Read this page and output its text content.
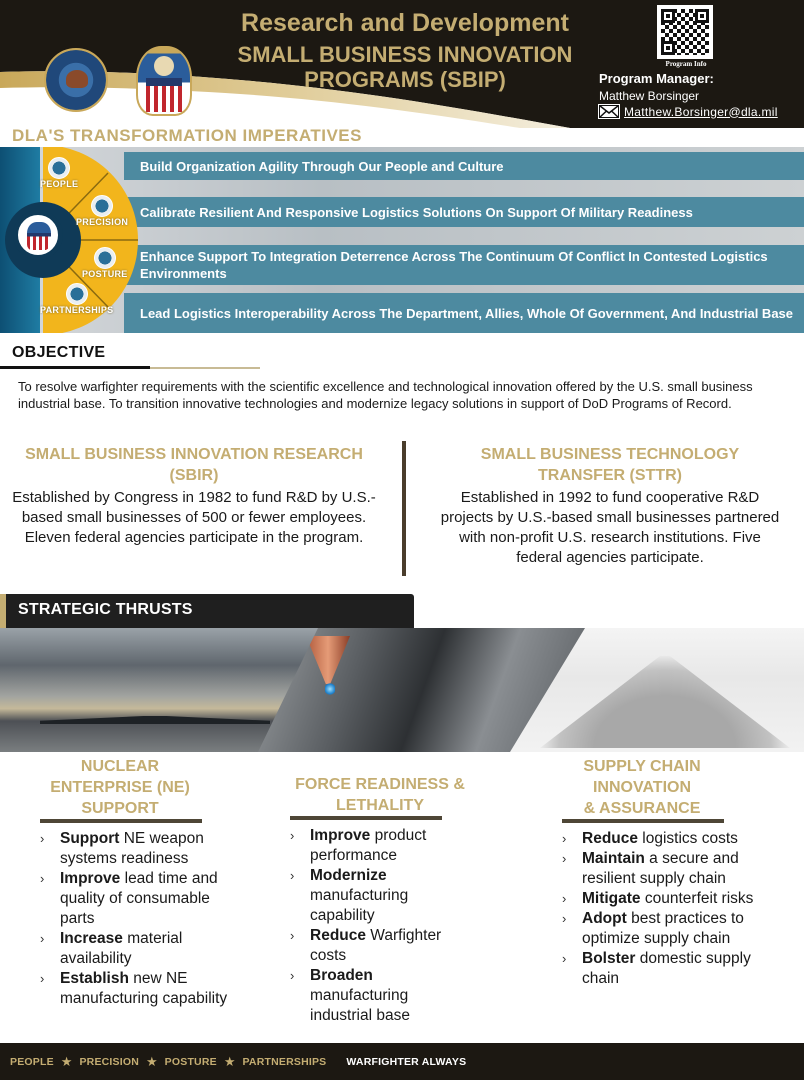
Research and Development
SMALL BUSINESS INNOVATION
PROGRAMS (SBIP)
Program Info
Program Manager:
Matthew Borsinger
Matthew.Borsinger@dla.mil
DLA'S TRANSFORMATION IMPERATIVES
Build Organization Agility Through Our People and Culture
Calibrate Resilient And Responsive Logistics Solutions On Support Of Military Readiness
Enhance Support To Integration Deterrence Across The Continuum Of Conflict In Contested Logistics Environments
Lead Logistics Interoperability Across The Department, Allies, Whole Of Government, And Industrial Base
PEOPLE
PRECISION
POSTURE
PARTNERSHIPS
OBJECTIVE
To resolve warfighter requirements with the scientific excellence and technological innovation offered by the U.S. small business industrial base. To transition innovative technologies and modernize legacy solutions in support of DoD Programs of Record.
SMALL BUSINESS INNOVATION RESEARCH
(SBIR)
Established by Congress in 1982 to fund R&D by U.S.-based small businesses of 500 or fewer employees. Eleven federal agencies participate in the program.
SMALL BUSINESS TECHNOLOGY
TRANSFER (STTR)
Established in 1992 to fund cooperative R&D projects by U.S.-based small businesses partnered with non-profit U.S. research institutions. Five federal agencies participate.
STRATEGIC THRUSTS
NUCLEAR
ENTERPRISE (NE)
SUPPORT
› Support NE weapon systems readiness
› Improve lead time and quality of consumable parts
› Increase material availability
› Establish new NE manufacturing capability
FORCE READINESS &
LETHALITY
› Improve product performance
› Modernize manufacturing capability
› Reduce Warfighter costs
› Broaden manufacturing industrial base
SUPPLY CHAIN
INNOVATION
& ASSURANCE
› Reduce logistics costs
› Maintain a secure and resilient supply chain
› Mitigate counterfeit risks
› Adopt best practices to optimize supply chain
› Bolster domestic supply chain
PEOPLE ★ PRECISION ★ POSTURE ★ PARTNERSHIPS WARFIGHTER ALWAYS
